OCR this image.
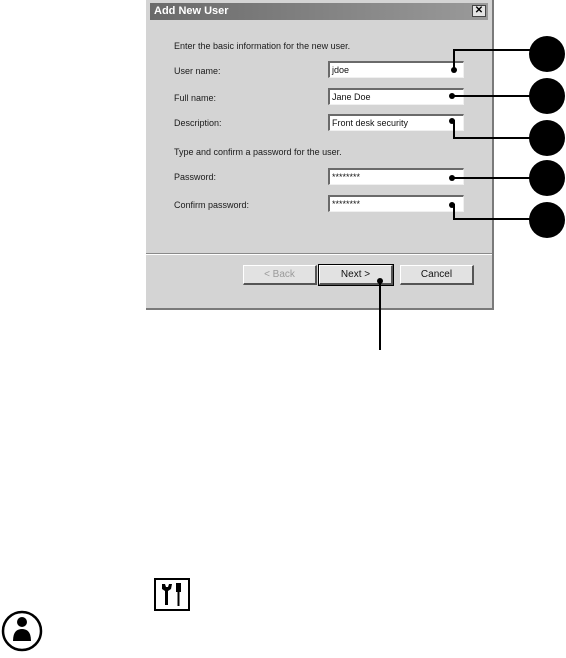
Add New User	✕
Enter the basic information for the new user.
User name:	jdoe
Full name:	Jane Doe
Description:	Front desk security
Type and confirm a password for the user.
Password:	********
Confirm password:	********
< Back	Next >	Cancel
